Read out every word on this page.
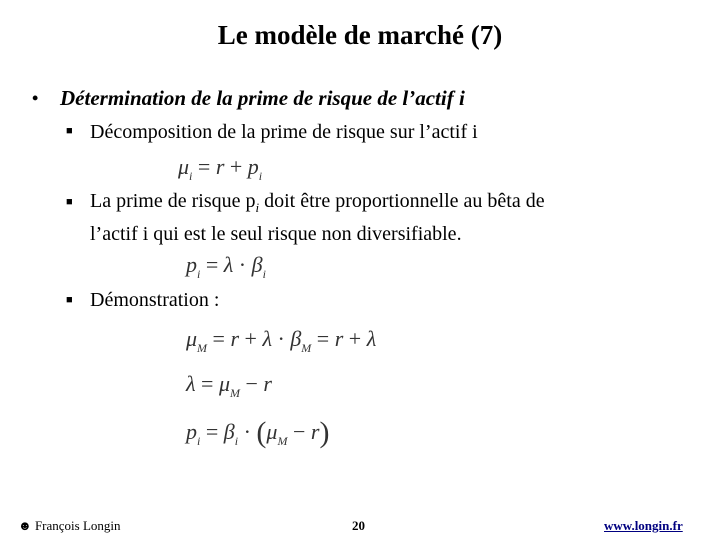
Le modèle de marché (7)
• Détermination de la prime de risque de l’actif i
■ Décomposition de la prime de risque sur l’actif i
$\mu_i = r + p_i$
■ La prime de risque $p_i$ doit être proportionnelle au bêta de
l’actif i qui est le seul risque non diversifiable.
$p_i = \lambda \cdot \beta_i$
■ Démonstration :
$\mu_M = r + \lambda \cdot \beta_M = r + \lambda$
$\lambda = \mu_M - r$
$p_i = \beta_i \cdot (\mu_M - r)$
☻ François Longin	20	www.longin.fr
